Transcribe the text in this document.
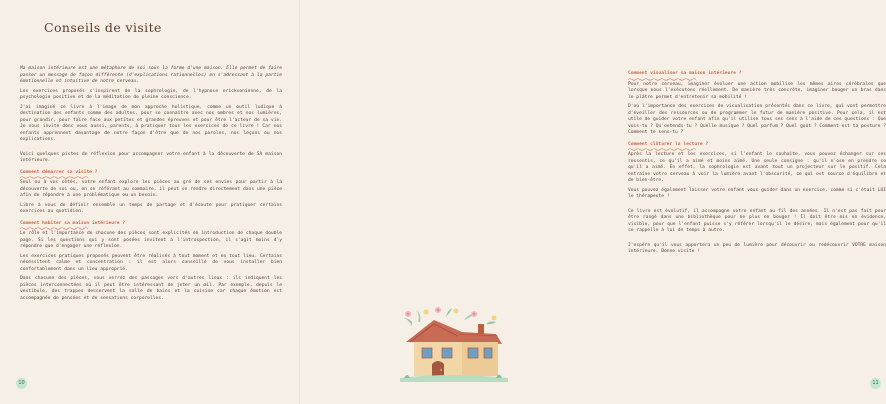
Conseils de visite

Ma maison intérieure est une métaphore de soi sous la forme d'une maison. Elle permet de faire passer un message de façon différente (d'explications rationnelles) en s'adressant à la partie émotionnelle et intuitive de notre cerveau.

Les exercices proposés s'inspirent de la sophrologie, de l'hypnose ericksonienne, de la psychologie positive et de la méditation de pleine conscience.

J'ai imaginé ce livre à l'image de mon approche holistique, comme un outil ludique à destination des enfants comme des adultes, pour se connaître avec nos ombres et nos lumières, pour grandir, pour faire face aux petites et grandes épreuves et pour être l'acteur de sa vie. Je vous invite donc vous aussi, parents, à pratiquer tous les exercices de ce livre ! Car nos enfants apprennent davantage de notre façon d'être que de nos paroles, nos leçons ou nos explications.

Voici quelques pistes de réflexion pour accompagner votre enfant à la découverte de SA maison intérieure.

Comment démarrer sa visite ?

Seul ou à vos côtés, votre enfant explore les pièces au gré de ses envies pour partir à la découverte de soi ou, en se référant au sommaire, il peut se rendre directement dans une pièce afin de répondre à une problématique ou un besoin.

Libre à vous de définir ensemble un temps de partage et d'écoute pour pratiquer certains exercices au quotidien.

Comment habiter sa maison intérieure ?

Le rôle et l'importance de chacune des pièces sont explicités en introduction de chaque double page. Si les questions qui y sont posées invitent à l'introspection, il s'agit moins d'y répondre que d'engager une réflexion.

Les exercices pratiques proposés peuvent être réalisés à tout moment et en tout lieu. Certains nécessitent calme et concentration : il est alors conseillé de vous installer bien confortablement dans un lieu approprié.

Dans chacune des pièces, vous verrez des passages vers d'autres lieux : ils indiquent les pièces interconnectées où il peut être intéressant de jeter un œil. Par exemple, depuis le vestibule, des trappes desservent la salle de bains et la cuisine car chaque émotion est accompagnée de pensées et de sensations corporelles.

10
Comment visualiser sa maison intérieure ?

Pour notre cerveau, imaginer évoluer une action mobilise les mêmes aires cérébrales que lorsque nous l'exécutons réellement. De manière très concrète, imaginer bouger un bras dans le plâtre permet d'entretenir sa mobilité !

D'où l'importance des exercices de visualisation présentés dans ce livre, qui vont permettre d'éveiller des ressources ou de programmer le futur de manière positive. Pour cela, il est utile de guider votre enfant afin qu'il utilise tous ses sens à l'aide de ces questions : Que vois-tu ? Qu'entends-tu ? Quelle musique ? Quel parfum ? Quel goût ? Comment est ta posture ? Comment te sens-tu ?

Comment clôturer la lecture ?

Après la lecture et les exercices, si l'enfant le souhaite, vous pouvez échanger sur ses ressentis, ce qu'il a aimé et moins aimé. Une seule consigne : qu'il n'ose en prendre ce qu'il a aimé. En effet, la sophrologie est avant tout un projecteur sur le positif. Cela entraîne votre cerveau à voir la lumière avant l'obscurité, ce qui est source d'équilibre et de bien-être.

Vous pouvez également laisser votre enfant vous guider dans un exercice, comme si c'était LUI le thérapeute !

Ce livre est évolutif, il accompagne votre enfant au fil des années. Il n'est pas fait pour être rangé dans une bibliothèque pour ne plus en bouger ! Il doit être mis en évidence, visible, pour que l'enfant puisse s'y référer lorsqu'il le désire, mais également pour qu'il se rappelle à lui de temps à autre.

J'espère qu'il vous apportera un peu de lumière pour découvrir ou redécouvrir VOTRE maison intérieure. Bonne visite !

11
